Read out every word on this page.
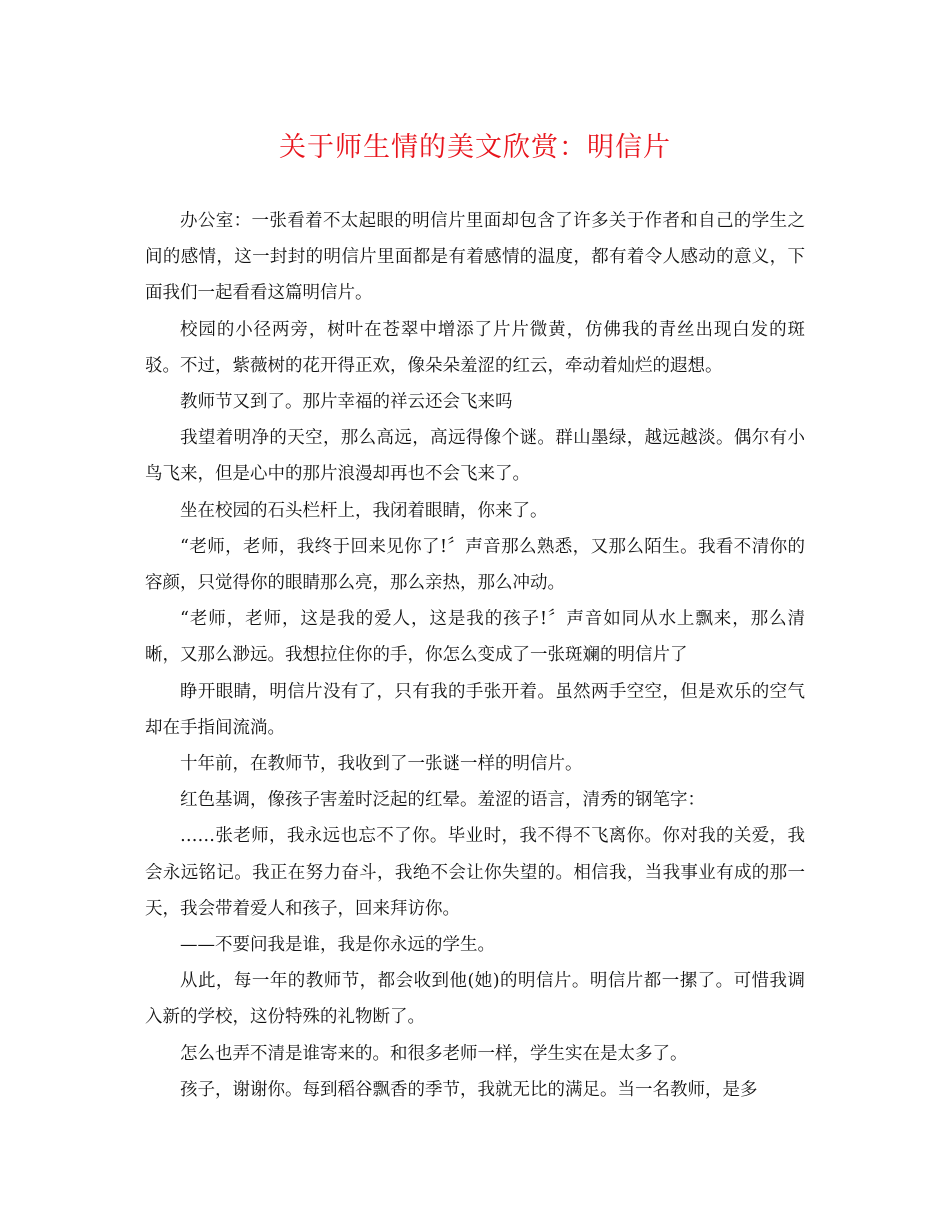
关于师生情的美文欣赏：明信片

办公室：一张看着不太起眼的明信片里面却包含了许多关于作者和自己的学生之间的感情，这一封封的明信片里面都是有着感情的温度，都有着令人感动的意义，下面我们一起看看这篇明信片。

校园的小径两旁，树叶在苍翠中增添了片片微黄，仿佛我的青丝出现白发的斑驳。不过，紫薇树的花开得正欢，像朵朵羞涩的红云，牵动着灿烂的遐想。

教师节又到了。那片幸福的祥云还会飞来吗

我望着明净的天空，那么高远，高远得像个谜。群山墨绿，越远越淡。偶尔有小鸟飞来，但是心中的那片浪漫却再也不会飞来了。

坐在校园的石头栏杆上，我闭着眼睛，你来了。

“老师，老师，我终于回来见你了!〞声音那么熟悉，又那么陌生。我看不清你的容颜，只觉得你的眼睛那么亮，那么亲热，那么冲动。

“老师，老师，这是我的爱人，这是我的孩子!〞声音如同从水上飘来，那么清晰，又那么渺远。我想拉住你的手，你怎么变成了一张斑斓的明信片了

睁开眼睛，明信片没有了，只有我的手张开着。虽然两手空空，但是欢乐的空气却在手指间流淌。

十年前，在教师节，我收到了一张谜一样的明信片。

红色基调，像孩子害羞时泛起的红晕。羞涩的语言，清秀的钢笔字：

……张老师，我永远也忘不了你。毕业时，我不得不飞离你。你对我的关爱，我会永远铭记。我正在努力奋斗，我绝不会让你失望的。相信我，当我事业有成的那一天，我会带着爱人和孩子，回来拜访你。

——不要问我是谁，我是你永远的学生。

从此，每一年的教师节，都会收到他(她)的明信片。明信片都一摞了。可惜我调入新的学校，这份特殊的礼物断了。

怎么也弄不清是谁寄来的。和很多老师一样，学生实在是太多了。

孩子，谢谢你。每到稻谷飘香的季节，我就无比的满足。当一名教师，是多
